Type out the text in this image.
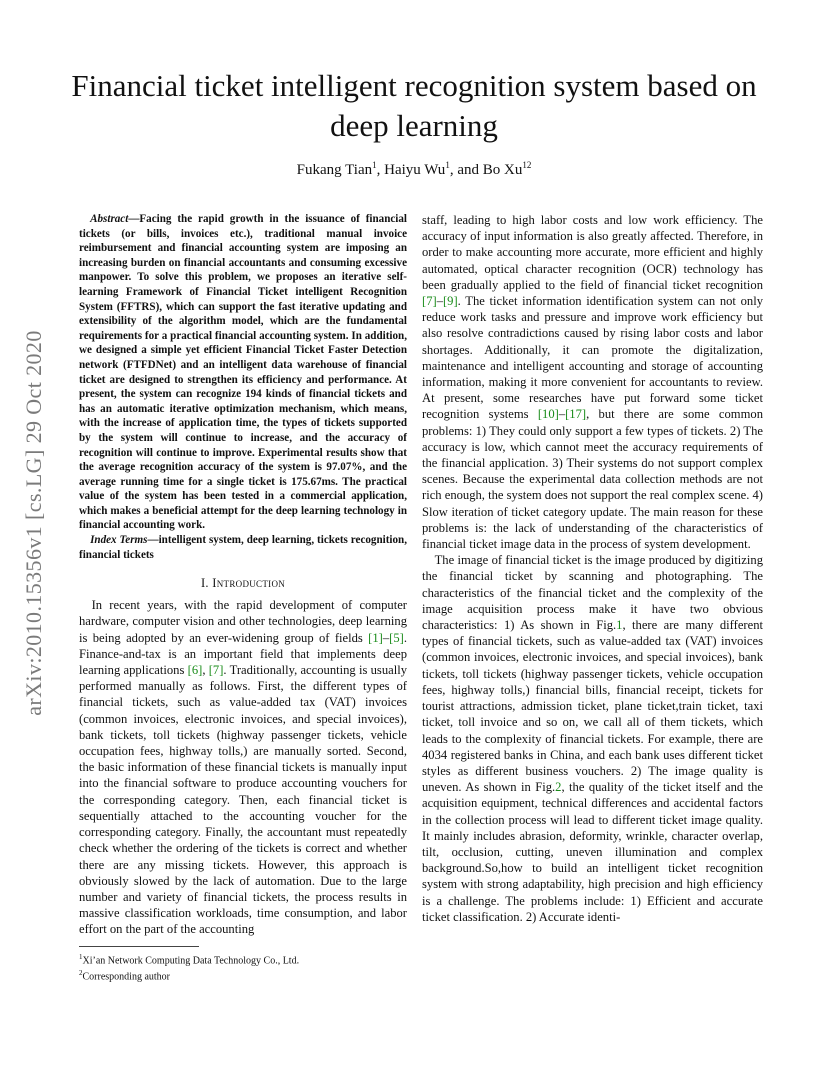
arXiv:2010.15356v1 [cs.LG] 29 Oct 2020
Financial ticket intelligent recognition system based on deep learning
Fukang Tian$^1$, Haiyu Wu$^1$, and Bo Xu$^{12}$

Abstract—Facing the rapid growth in the issuance of financial tickets (or bills, invoices etc.), traditional manual invoice reimbursement and financial accounting system are imposing an increasing burden on financial accountants and consuming excessive manpower. To solve this problem, we proposes an iterative self-learning Framework of Financial Ticket intelligent Recognition System (FFTRS), which can support the fast iterative updating and extensibility of the algorithm model, which are the fundamental requirements for a practical financial accounting system. In addition, we designed a simple yet efficient Financial Ticket Faster Detection network (FTFDNet) and an intelligent data warehouse of financial ticket are designed to strengthen its efficiency and performance. At present, the system can recognize 194 kinds of financial tickets and has an automatic iterative optimization mechanism, which means, with the increase of application time, the types of tickets supported by the system will continue to increase, and the accuracy of recognition will continue to improve. Experimental results show that the average recognition accuracy of the system is 97.07%, and the average running time for a single ticket is 175.67ms. The practical value of the system has been tested in a commercial application, which makes a beneficial attempt for the deep learning technology in financial accounting work.

Index Terms—intelligent system, deep learning, tickets recognition, financial tickets

I. Introduction

In recent years, with the rapid development of computer hardware, computer vision and other technologies, deep learning is being adopted by an ever-widening group of fields [1]–[5]. Finance-and-tax is an important field that implements deep learning applications [6], [7]. Traditionally, accounting is usually performed manually as follows. First, the different types of financial tickets, such as value-added tax (VAT) invoices (common invoices, electronic invoices, and special invoices), bank tickets, toll tickets (highway passenger tickets, vehicle occupation fees, highway tolls,) are manually sorted. Second, the basic information of these financial tickets is manually input into the financial software to produce accounting vouchers for the corresponding category. Then, each financial ticket is sequentially attached to the accounting voucher for the corresponding category. Finally, the accountant must repeatedly check whether the ordering of the tickets is correct and whether there are any missing tickets. However, this approach is obviously slowed by the lack of automation. Due to the large number and variety of financial tickets, the process results in massive classification workloads, time consumption, and labor effort on the part of the accounting

staff, leading to high labor costs and low work efficiency. The accuracy of input information is also greatly affected. Therefore, in order to make accounting more accurate, more efficient and highly automated, optical character recognition (OCR) technology has been gradually applied to the field of financial ticket recognition [7]–[9]. The ticket information identification system can not only reduce work tasks and pressure and improve work efficiency but also resolve contradictions caused by rising labor costs and labor shortages. Additionally, it can promote the digitalization, maintenance and intelligent accounting and storage of accounting information, making it more convenient for accountants to review. At present, some researches have put forward some ticket recognition systems [10]–[17], but there are some common problems: 1) They could only support a few types of tickets. 2) The accuracy is low, which cannot meet the accuracy requirements of the financial application. 3) Their systems do not support complex scenes. Because the experimental data collection methods are not rich enough, the system does not support the real complex scene. 4) Slow iteration of ticket category update. The main reason for these problems is: the lack of understanding of the characteristics of financial ticket image data in the process of system development.

The image of financial ticket is the image produced by digitizing the financial ticket by scanning and photographing. The characteristics of the financial ticket and the complexity of the image acquisition process make it have two obvious characteristics: 1) As shown in Fig.1, there are many different types of financial tickets, such as value-added tax (VAT) invoices (common invoices, electronic invoices, and special invoices), bank tickets, toll tickets (highway passenger tickets, vehicle occupation fees, highway tolls,) financial bills, financial receipt, tickets for tourist attractions, admission ticket, plane ticket,train ticket, taxi ticket, toll invoice and so on, we call all of them tickets, which leads to the complexity of financial tickets. For example, there are 4034 registered banks in China, and each bank uses different ticket styles as different business vouchers. 2) The image quality is uneven. As shown in Fig.2, the quality of the ticket itself and the acquisition equipment, technical differences and accidental factors in the collection process will lead to different ticket image quality. It mainly includes abrasion, deformity, wrinkle, character overlap, tilt, occlusion, cutting, uneven illumination and complex background.So,how to build an intelligent ticket recognition system with strong adaptability, high precision and high efficiency is a challenge. The problems include: 1) Efficient and accurate ticket classification. 2) Accurate identi-

$^1$Xi’an Network Computing Data Technology Co., Ltd.

$^2$Corresponding author
